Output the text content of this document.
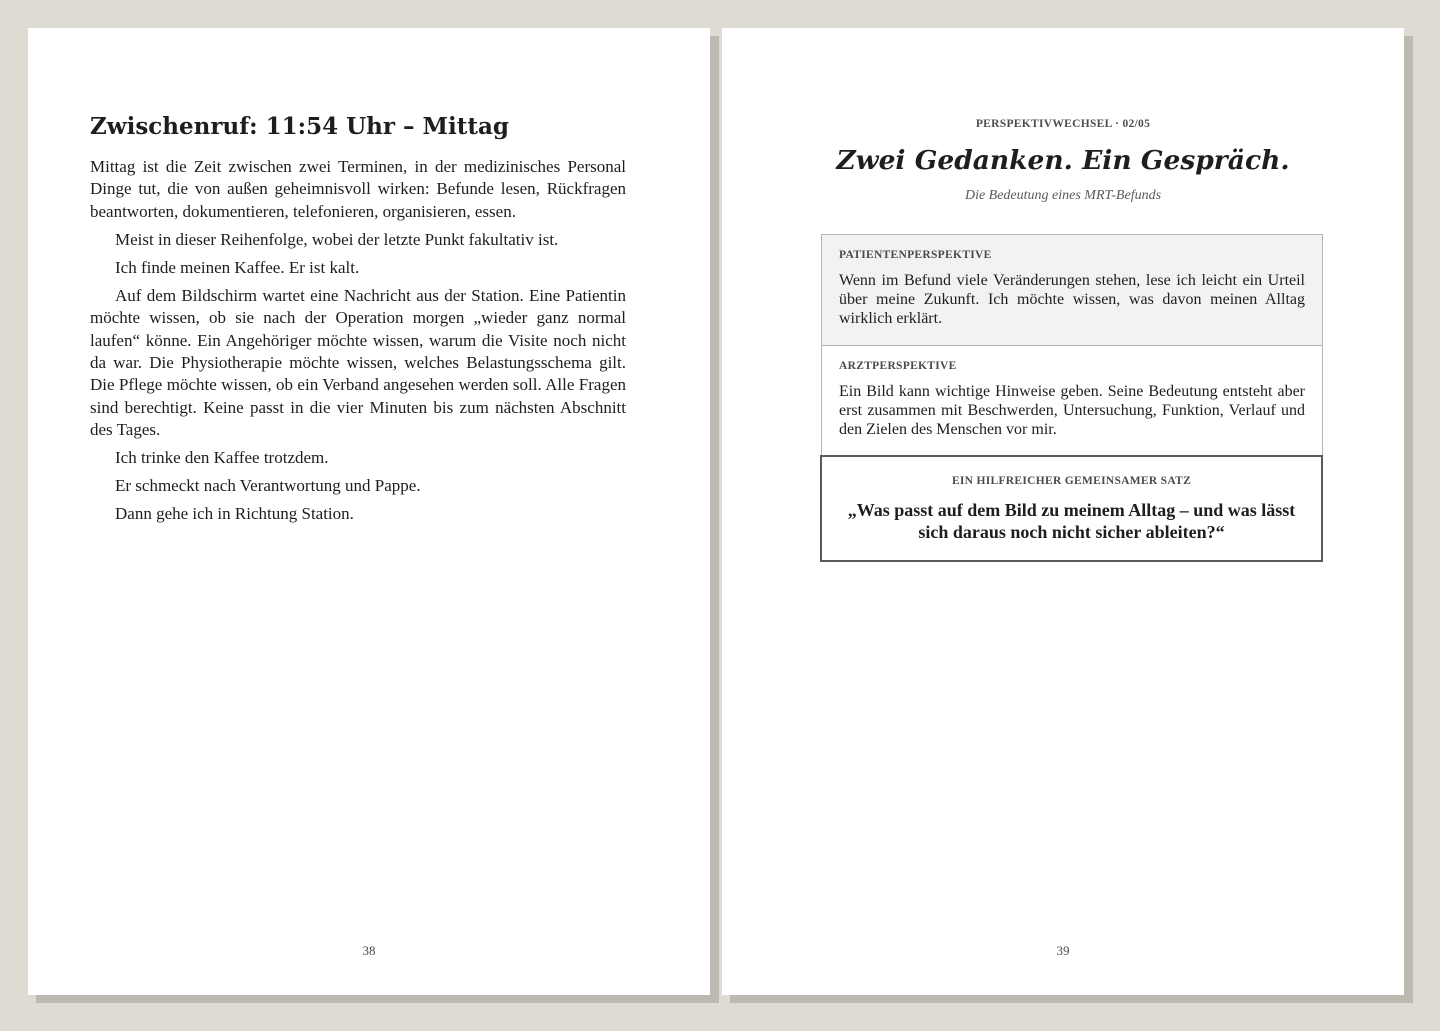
Zwischenruf: 11:54 Uhr – Mittag

Mittag ist die Zeit zwischen zwei Terminen, in der medizinisches Personal Dinge tut, die von außen geheimnisvoll wirken: Befunde lesen, Rückfragen beantworten, dokumentieren, telefonieren, organisieren, essen.

Meist in dieser Reihenfolge, wobei der letzte Punkt fakultativ ist.

Ich finde meinen Kaffee. Er ist kalt.

Auf dem Bildschirm wartet eine Nachricht aus der Station. Eine Patientin möchte wissen, ob sie nach der Operation morgen „wieder ganz normal laufen“ könne. Ein Angehöriger möchte wissen, warum die Visite noch nicht da war. Die Physiotherapie möchte wissen, welches Belastungsschema gilt. Die Pflege möchte wissen, ob ein Verband angesehen werden soll. Alle Fragen sind berechtigt. Keine passt in die vier Minuten bis zum nächsten Abschnitt des Tages.

Ich trinke den Kaffee trotzdem.

Er schmeckt nach Verantwortung und Pappe.

Dann gehe ich in Richtung Station.

38
PERSPEKTIVWECHSEL · 02/05
Zwei Gedanken. Ein Gespräch.
Die Bedeutung eines MRT-Befunds
PATIENTENPERSPEKTIVE

Wenn im Befund viele Veränderungen stehen, lese ich leicht ein Urteil über meine Zukunft. Ich möchte wissen, was davon meinen Alltag wirklich erklärt.

ARZTPERSPEKTIVE

Ein Bild kann wichtige Hinweise geben. Seine Bedeutung entsteht aber erst zusammen mit Beschwerden, Untersuchung, Funktion, Verlauf und den Zielen des Menschen vor mir.

EIN HILFREICHER GEMEINSAMER SATZ

„Was passt auf dem Bild zu meinem Alltag – und was lässt sich daraus noch nicht sicher ableiten?“

39
